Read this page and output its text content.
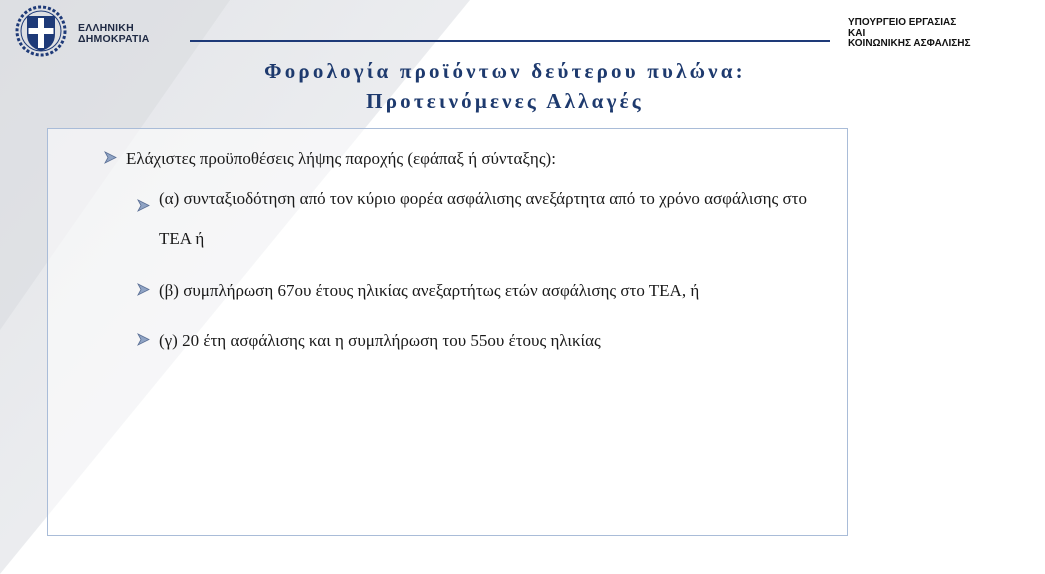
ΕΛΛΗΝΙΚΗ
ΔΗΜΟΚΡΑΤΙΑ
ΥΠΟΥΡΓΕΙΟ ΕΡΓΑΣΙΑΣ
ΚΑΙ
ΚΟΙΝΩΝΙΚΗΣ ΑΣΦΑΛΙΣΗΣ
Φορολογία προϊόντων δεύτερου πυλώνα:
Προτεινόμενες Αλλαγές
Ελάχιστες προϋποθέσεις λήψης παροχής (εφάπαξ ή σύνταξης):
(α) συνταξιοδότηση από τον κύριο φορέα ασφάλισης ανεξάρτητα από το χρόνο ασφάλισης στο ΤΕΑ ή
(β) συμπλήρωση 67ου έτους ηλικίας ανεξαρτήτως ετών ασφάλισης στο ΤΕΑ, ή
(γ) 20 έτη ασφάλισης και η συμπλήρωση του 55ου έτους ηλικίας
